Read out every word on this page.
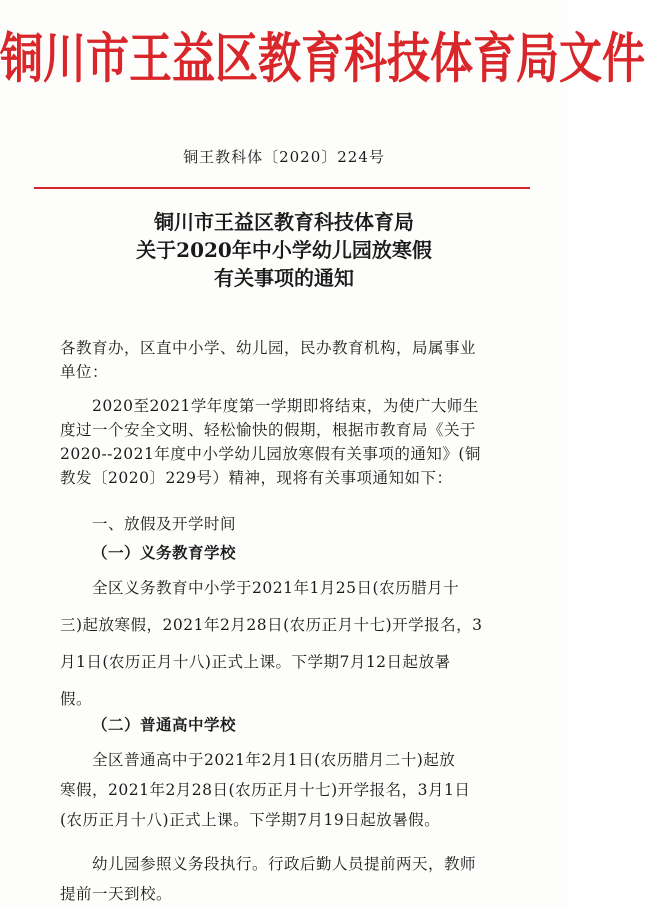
铜川市王益区教育科技体育局文件
铜王教科体〔2020〕224号
铜川市王益区教育科技体育局
关于2020年中小学幼儿园放寒假
有关事项的通知
各教育办，区直中小学、幼儿园，民办教育机构，局属事业
单位：
2020至2021学年度第一学期即将结束，为使广大师生
度过一个安全文明、轻松愉快的假期，根据市教育局《关于
2020--2021年度中小学幼儿园放寒假有关事项的通知》(铜
教发〔2020〕229号）精神，现将有关事项通知如下：
一、放假及开学时间
（一）义务教育学校
全区义务教育中小学于2021年1月25日(农历腊月十
三)起放寒假，2021年2月28日(农历正月十七)开学报名，3
月1日(农历正月十八)正式上课。下学期7月12日起放暑
假。
（二）普通高中学校
全区普通高中于2021年2月1日(农历腊月二十)起放
寒假，2021年2月28日(农历正月十七)开学报名，3月1日
(农历正月十八)正式上课。下学期7月19日起放暑假。
幼儿园参照义务段执行。行政后勤人员提前两天，教师
提前一天到校。
